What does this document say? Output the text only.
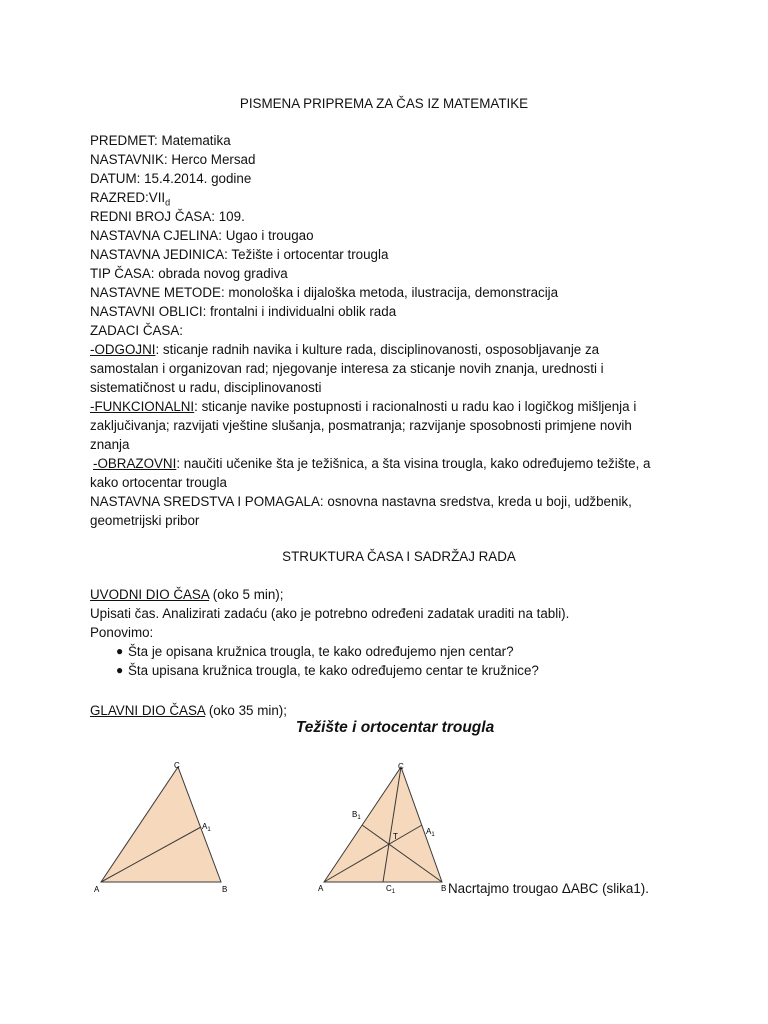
PISMENA PRIPREMA ZA ČAS IZ MATEMATIKE
PREDMET: Matematika
NASTAVNIK: Herco Mersad
DATUM: 15.4.2014. godine
$RAZRED:VII_d$
REDNI BROJ ČASA: 109.
NASTAVNA CJELINA: Ugao i trougao
NASTAVNA JEDINICA: Težište i ortocentar trougla
TIP ČASA: obrada novog gradiva
NASTAVNE METODE: monološka i dijaloška metoda, ilustracija, demonstracija
NASTAVNI OBLICI: frontalni i individualni oblik rada
ZADACI ČASA:
-ODGOJNI: sticanje radnih navika i kulture rada, disciplinovanosti, osposobljavanje za
samostalan i organizovan rad; njegovanje interesa za sticanje novih znanja, urednosti i
sistematičnost u radu, disciplinovanosti
-FUNKCIONALNI: sticanje navike postupnosti i racionalnosti u radu kao i logičkog mišljenja i
zaključivanja; razvijati vještine slušanja, posmatranja; razvijanje sposobnosti primjene novih
znanja
-OBRAZOVNI: naučiti učenike šta je težišnica, a šta visina trougla, kako određujemo težište, a
kako ortocentar trougla
NASTAVNA SREDSTVA I POMAGALA: osnovna nastavna sredstva, kreda u boji, udžbenik,
geometrijski pribor
STRUKTURA ČASA I SADRŽAJ RADA
UVODNI DIO ČASA (oko 5 min);
Upisati čas. Analizirati zadaću (ako je potrebno određeni zadatak uraditi na tabli).
Ponovimo:
● Šta je opisana kružnica trougla, te kako određujemo njen centar?
● Šta upisana kružnica trougla, te kako određujemo centar te kružnice?
GLAVNI DIO ČASA (oko 35 min);
Težište i ortocentar trougla
C
$A_1$
A	B
C
$B_1$
$A_1$
T
A	$C_1$	B Nacrtajmo trougao ΔABC (slika1).
